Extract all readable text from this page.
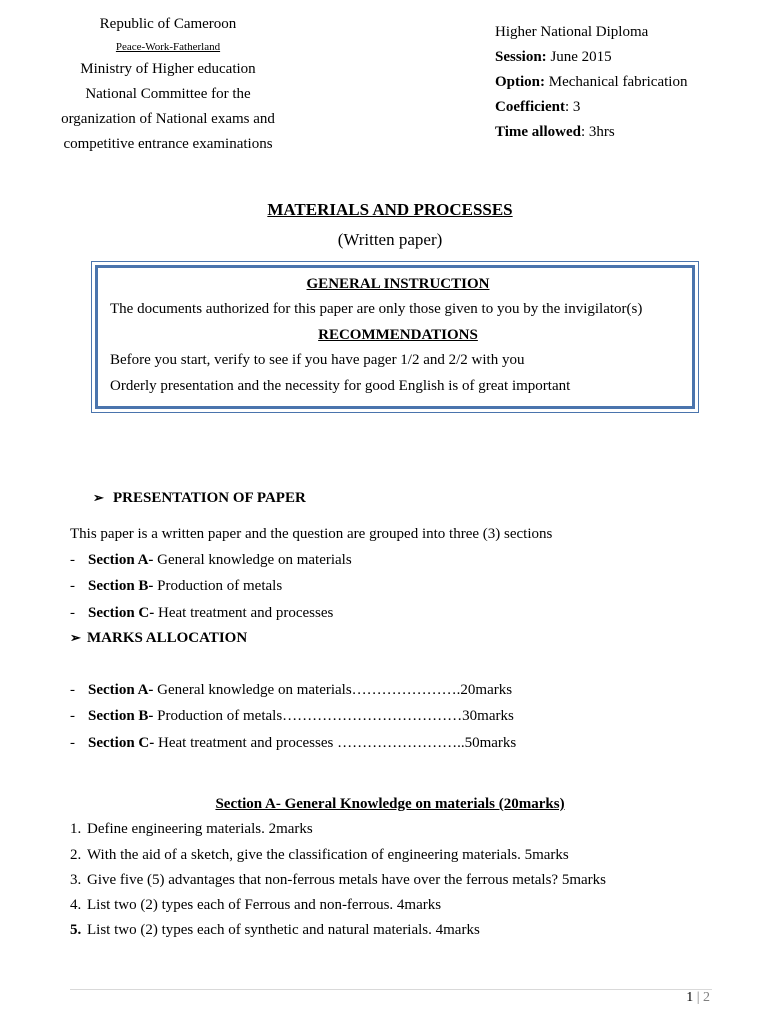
Republic of Cameroon
Peace-Work-Fatherland
Ministry of Higher education
National Committee for the
organization of National exams and
competitive entrance examinations
Higher National Diploma
Session: June 2015
Option: Mechanical fabrication
Coefficient: 3
Time allowed: 3hrs
MATERIALS AND PROCESSES
(Written paper)
GENERAL INSTRUCTION
The documents authorized for this paper are only those given to you by the invigilator(s)
RECOMMENDATIONS
Before you start, verify to see if you have pager 1/2 and 2/2 with you
Orderly presentation and the necessity for good English is of great important
➢ PRESENTATION OF PAPER
This paper is a written paper and the question are grouped into three (3) sections
- Section A- General knowledge on materials
- Section B- Production of metals
- Section C- Heat treatment and processes
➢ MARKS ALLOCATION
- Section A- General knowledge on materials………………….20marks
- Section B- Production of metals………………………………30marks
- Section C- Heat treatment and processes ……………………..50marks
Section A- General Knowledge on materials (20marks)
1. Define engineering materials. 2marks
2. With the aid of a sketch, give the classification of engineering materials. 5marks
3. Give five (5) advantages that non-ferrous metals have over the ferrous metals? 5marks
4. List two (2) types each of Ferrous and non-ferrous. 4marks
5. List two (2) types each of synthetic and natural materials. 4marks
1 | 2
